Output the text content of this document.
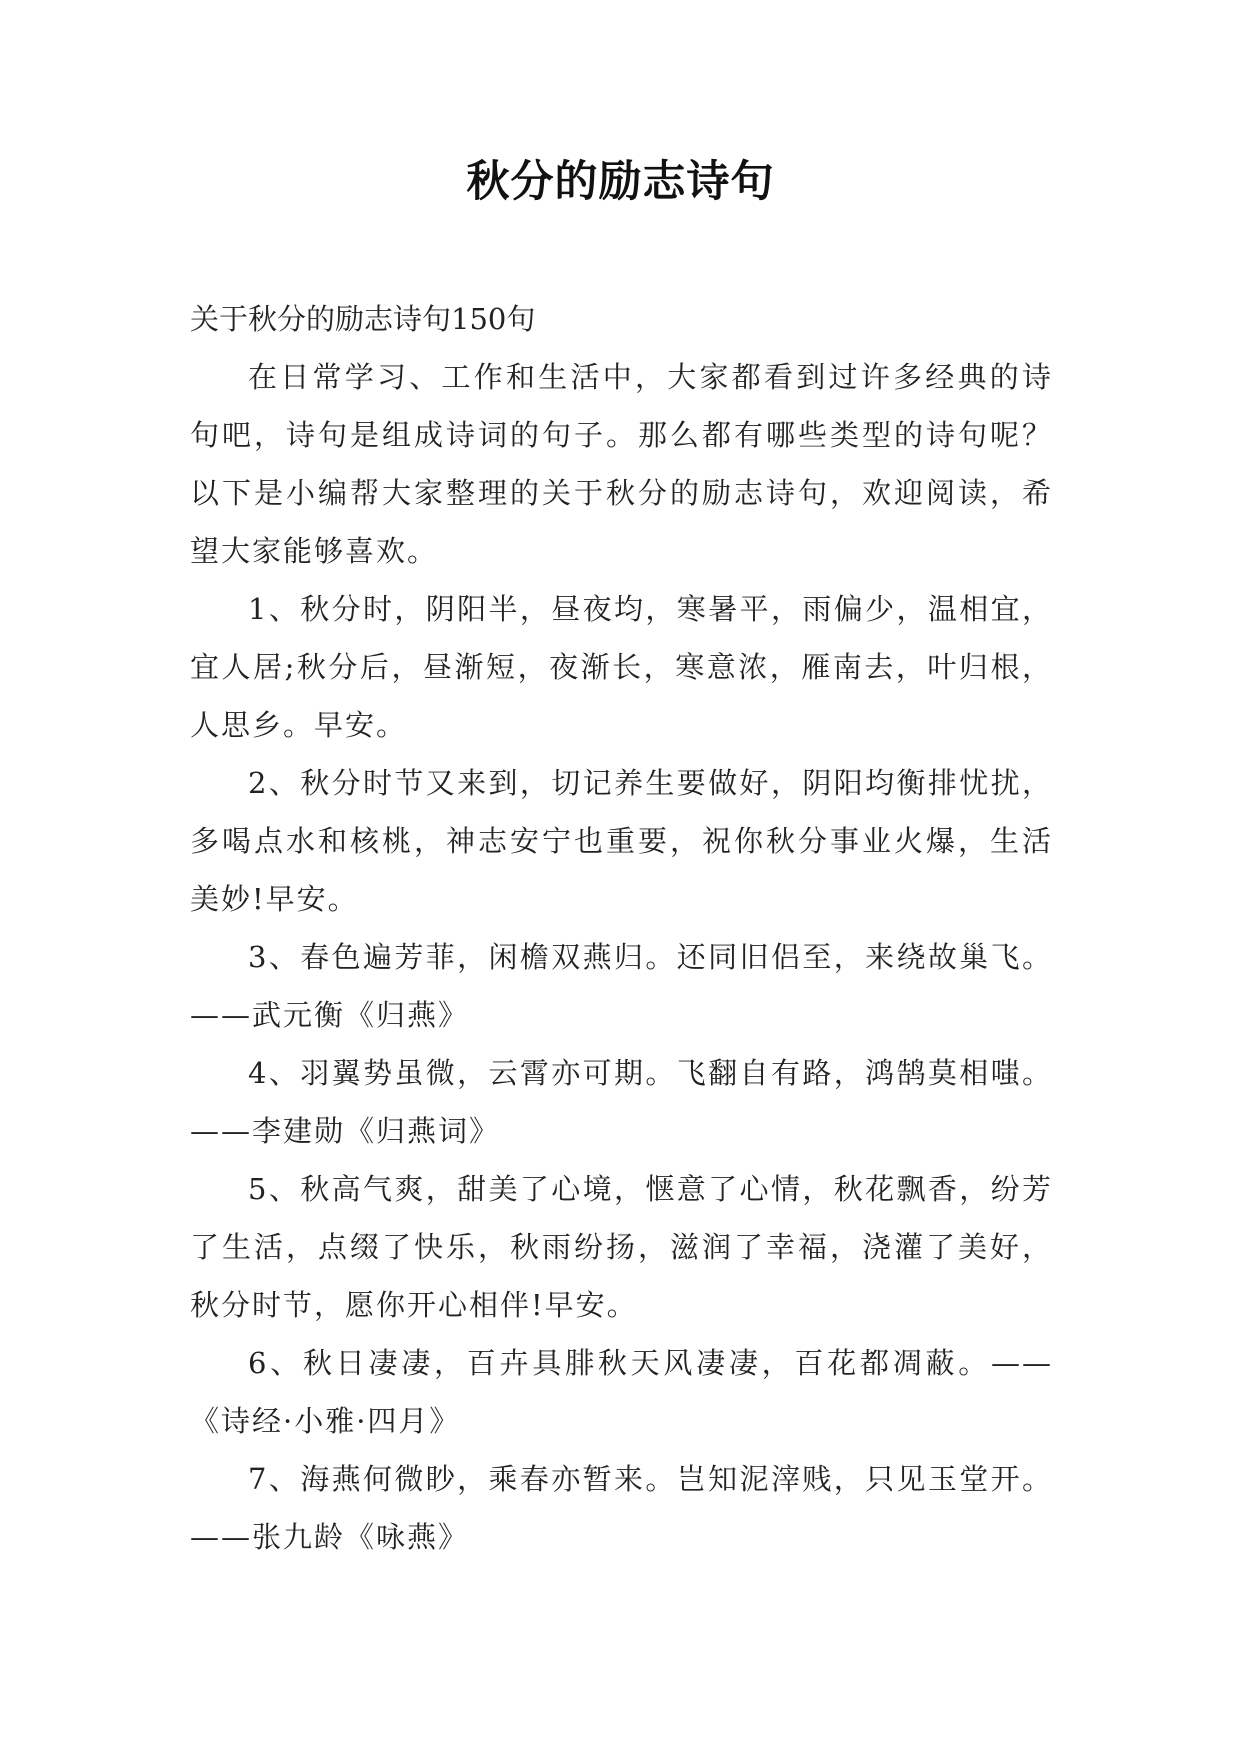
秋分的励志诗句

关于秋分的励志诗句150句

在日常学习、工作和生活中，大家都看到过许多经典的诗句吧，诗句是组成诗词的句子。那么都有哪些类型的诗句呢？以下是小编帮大家整理的关于秋分的励志诗句，欢迎阅读，希望大家能够喜欢。

1、秋分时，阴阳半，昼夜均，寒暑平，雨偏少，温相宜，宜人居;秋分后，昼渐短，夜渐长，寒意浓，雁南去，叶归根，人思乡。早安。

2、秋分时节又来到，切记养生要做好，阴阳均衡排忧扰，多喝点水和核桃，神志安宁也重要，祝你秋分事业火爆，生活美妙!早安。

3、春色遍芳菲，闲檐双燕归。还同旧侣至，来绕故巢飞。——武元衡《归燕》

4、羽翼势虽微，云霄亦可期。飞翻自有路，鸿鹄莫相嗤。——李建勋《归燕词》

5、秋高气爽，甜美了心境，惬意了心情，秋花飘香，纷芳了生活，点缀了快乐，秋雨纷扬，滋润了幸福，浇灌了美好，秋分时节，愿你开心相伴!早安。

6、秋日凄凄，百卉具腓秋天风凄凄，百花都凋蔽。——《诗经·小雅·四月》

7、海燕何微眇，乘春亦暂来。岂知泥滓贱，只见玉堂开。——张九龄《咏燕》
